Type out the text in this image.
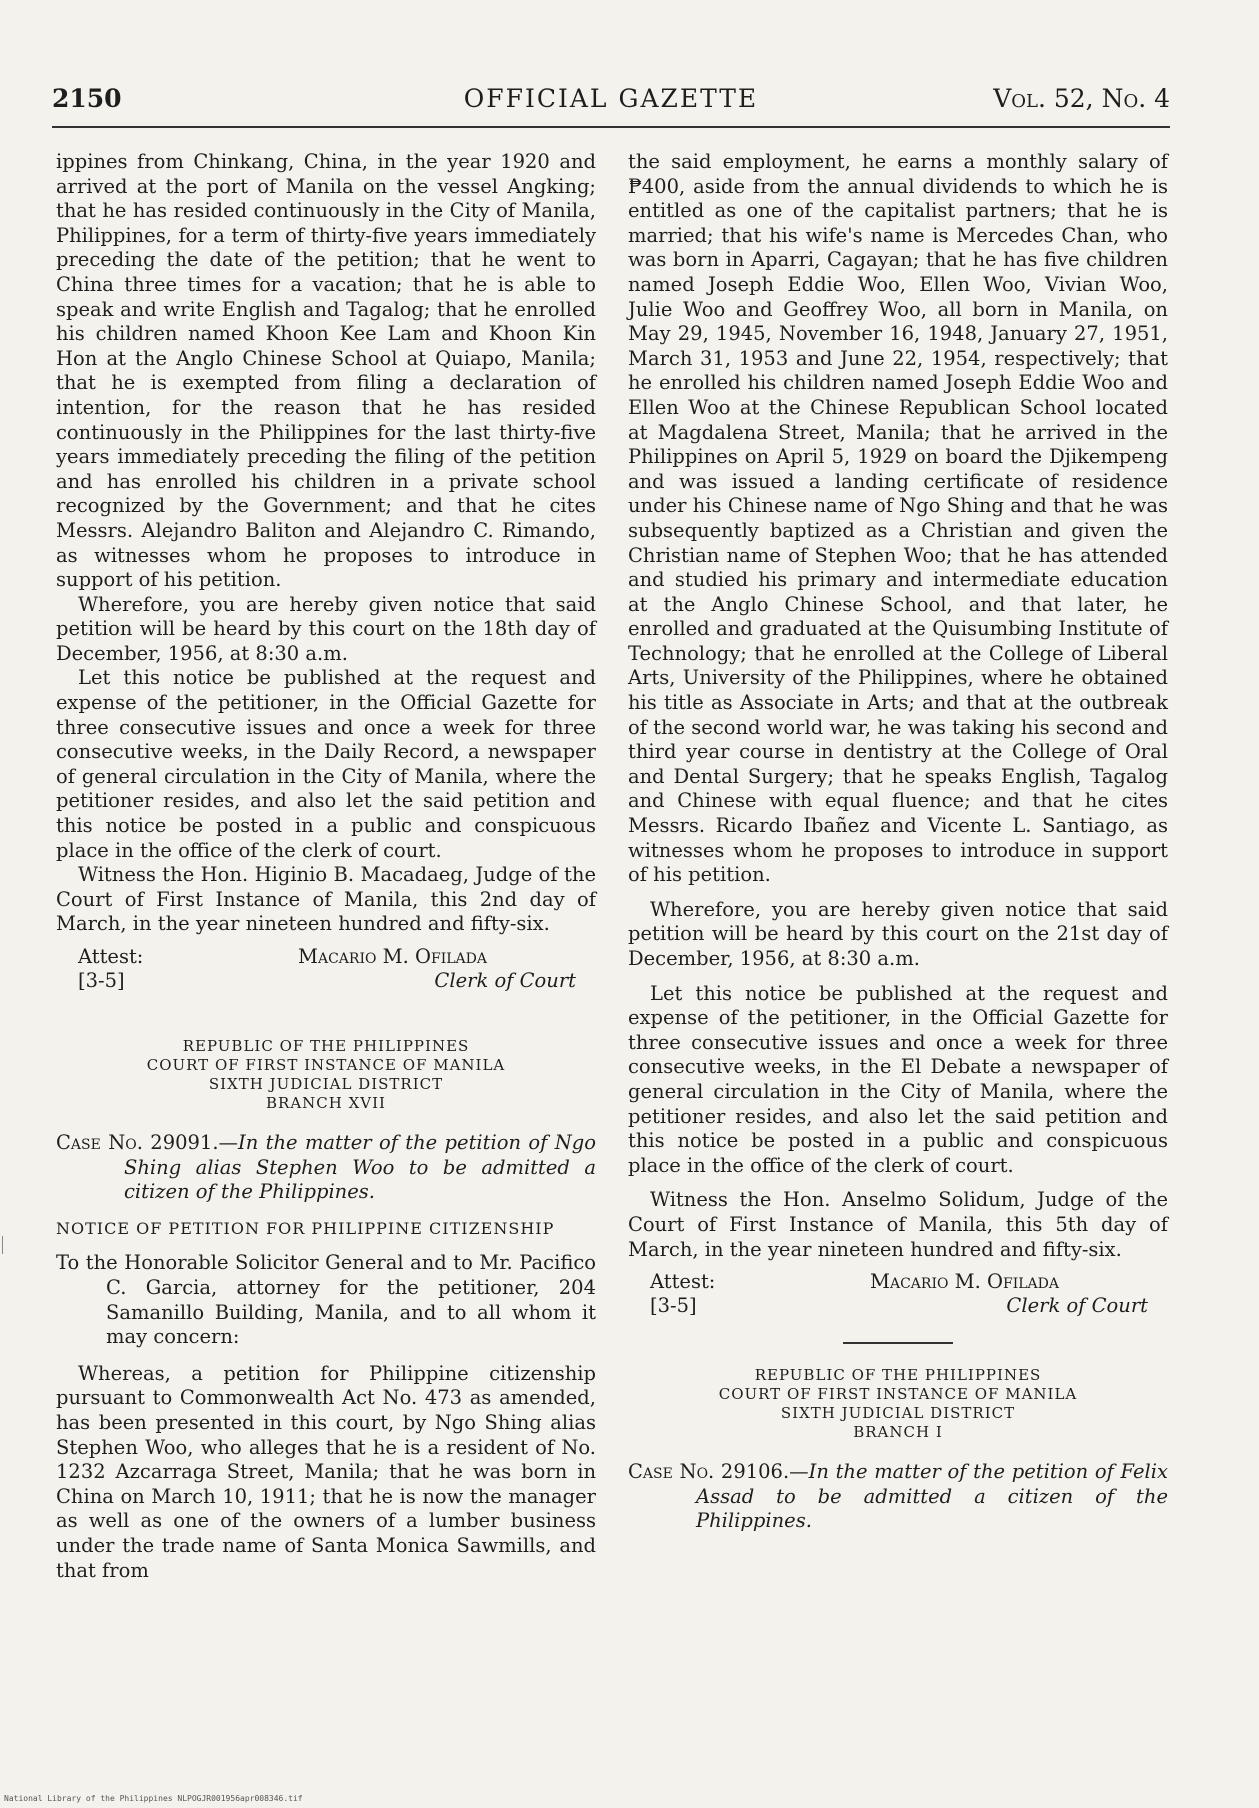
2150	OFFICIAL GAZETTE	Vol. 52, No. 4

ippines from Chinkang, China, in the year 1920 and arrived at the port of Manila on the vessel Angking; that he has resided continuously in the City of Manila, Philippines, for a term of thirty-five years immediately preceding the date of the petition; that he went to China three times for a vacation; that he is able to speak and write English and Tagalog; that he enrolled his children named Khoon Kee Lam and Khoon Kin Hon at the Anglo Chinese School at Quiapo, Manila; that he is exempted from filing a declaration of intention, for the reason that he has resided continuously in the Philippines for the last thirty-five years immediately preceding the filing of the petition and has enrolled his children in a private school recognized by the Government; and that he cites Messrs. Alejandro Baliton and Alejandro C. Rimando, as witnesses whom he proposes to introduce in support of his petition.

Wherefore, you are hereby given notice that said petition will be heard by this court on the 18th day of December, 1956, at 8:30 a.m.

Let this notice be published at the request and expense of the petitioner, in the Official Gazette for three consecutive issues and once a week for three consecutive weeks, in the Daily Record, a newspaper of general circulation in the City of Manila, where the petitioner resides, and also let the said petition and this notice be posted in a public and conspicuous place in the office of the clerk of court.

Witness the Hon. Higinio B. Macadaeg, Judge of the Court of First Instance of Manila, this 2nd day of March, in the year nineteen hundred and fifty-six.

Attest:
[3-5]
Macario M. Ofilada
Clerk of Court
REPUBLIC OF THE PHILIPPINES
COURT OF FIRST INSTANCE OF MANILA
SIXTH JUDICIAL DISTRICT
BRANCH XVII

Case No. 29091.—In the matter of the petition of Ngo Shing alias Stephen Woo to be admitted a citizen of the Philippines.

NOTICE OF PETITION FOR PHILIPPINE CITIZENSHIP

To the Honorable Solicitor General and to Mr. Pacifico C. Garcia, attorney for the petitioner, 204 Samanillo Building, Manila, and to all whom it may concern:

Whereas, a petition for Philippine citizenship pursuant to Commonwealth Act No. 473 as amended, has been presented in this court, by Ngo Shing alias Stephen Woo, who alleges that he is a resident of No. 1232 Azcarraga Street, Manila; that he was born in China on March 10, 1911; that he is now the manager as well as one of the owners of a lumber business under the trade name of Santa Monica Sawmills, and that from

the said employment, he earns a monthly salary of ₱400, aside from the annual dividends to which he is entitled as one of the capitalist partners; that he is married; that his wife's name is Mercedes Chan, who was born in Aparri, Cagayan; that he has five children named Joseph Eddie Woo, Ellen Woo, Vivian Woo, Julie Woo and Geoffrey Woo, all born in Manila, on May 29, 1945, November 16, 1948, January 27, 1951, March 31, 1953 and June 22, 1954, respectively; that he enrolled his children named Joseph Eddie Woo and Ellen Woo at the Chinese Republican School located at Magdalena Street, Manila; that he arrived in the Philippines on April 5, 1929 on board the Djikempeng and was issued a landing certificate of residence under his Chinese name of Ngo Shing and that he was subsequently baptized as a Christian and given the Christian name of Stephen Woo; that he has attended and studied his primary and intermediate education at the Anglo Chinese School, and that later, he enrolled and graduated at the Quisumbing Institute of Technology; that he enrolled at the College of Liberal Arts, University of the Philippines, where he obtained his title as Associate in Arts; and that at the outbreak of the second world war, he was taking his second and third year course in dentistry at the College of Oral and Dental Surgery; that he speaks English, Tagalog and Chinese with equal fluence; and that he cites Messrs. Ricardo Ibañez and Vicente L. Santiago, as witnesses whom he proposes to introduce in support of his petition.

Wherefore, you are hereby given notice that said petition will be heard by this court on the 21st day of December, 1956, at 8:30 a.m.

Let this notice be published at the request and expense of the petitioner, in the Official Gazette for three consecutive issues and once a week for three consecutive weeks, in the El Debate a newspaper of general circulation in the City of Manila, where the petitioner resides, and also let the said petition and this notice be posted in a public and conspicuous place in the office of the clerk of court.

Witness the Hon. Anselmo Solidum, Judge of the Court of First Instance of Manila, this 5th day of March, in the year nineteen hundred and fifty-six.

Attest:
[3-5]
Macario M. Ofilada
Clerk of Court
REPUBLIC OF THE PHILIPPINES
COURT OF FIRST INSTANCE OF MANILA
SIXTH JUDICIAL DISTRICT
BRANCH I

Case No. 29106.—In the matter of the petition of Felix Assad to be admitted a citizen of the Philippines.

National Library of the Philippines NLPOGJR001956apr008346.tif
